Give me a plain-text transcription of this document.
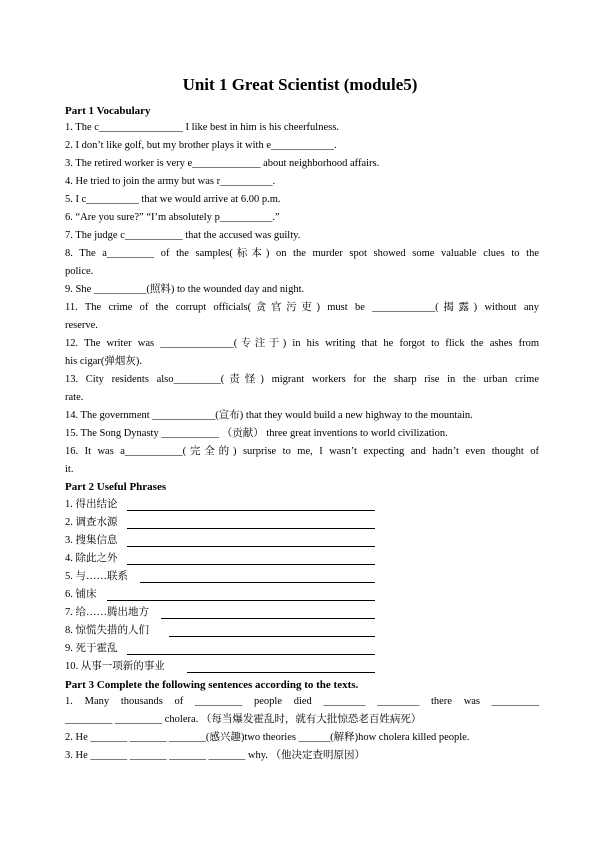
Unit 1 Great Scientist (module5)
Part 1 Vocabulary
1. The c________________ I like best in him is his cheerfulness.
2. I don’t like golf, but my brother plays it with e____________.
3. The retired worker is very e_____________ about neighborhood affairs.
4. He tried to join the army but was r__________.
5. I c__________ that we would arrive at 6.00 p.m.
6. “Are you sure?” “I’m absolutely p__________.”
7. The judge c___________ that the accused was guilty.
8. The a_________ of the samples(标本) on the murder spot showed some valuable clues to the
police.
9. She __________(照料) to the wounded day and night.
11. The crime of the corrupt officials(贪官污吏) must be ____________(揭露) without any
reserve.
12. The writer was ______________(专注于) in his writing that he forgot to flick the ashes from
his cigar(弹烟灰).
13. City residents also_________(责怪) migrant workers for the sharp rise in the urban crime
rate.
14. The government ____________(宣布) that they would build a new highway to the mountain.
15. The Song Dynasty ___________ （贡献） three great inventions to world civilization.
16. It was a___________(完全的) surprise to me, I wasn’t expecting and hadn’t even thought of
it.
Part 2 Useful Phrases
1. 得出结论
2. 调查水源
3. 搜集信息
4. 除此之外
5. 与……联系
6. 铺床
7. 给……腾出地方
8. 惊慌失措的人们
9. 死于霍乱
10. 从事一项新的事业
Part 3 Complete the following sentences according to the texts.
1. Many thousands of _________ people died ________ ________ there was _________
_________ _________ cholera. （每当爆发霍乱时，就有大批惊恐老百姓病死）
2. He _______ _______ _______(感兴趣)two theories ______(解释)how cholera killed people.
3. He _______ _______ _______ _______ why. （他决定查明原因）
